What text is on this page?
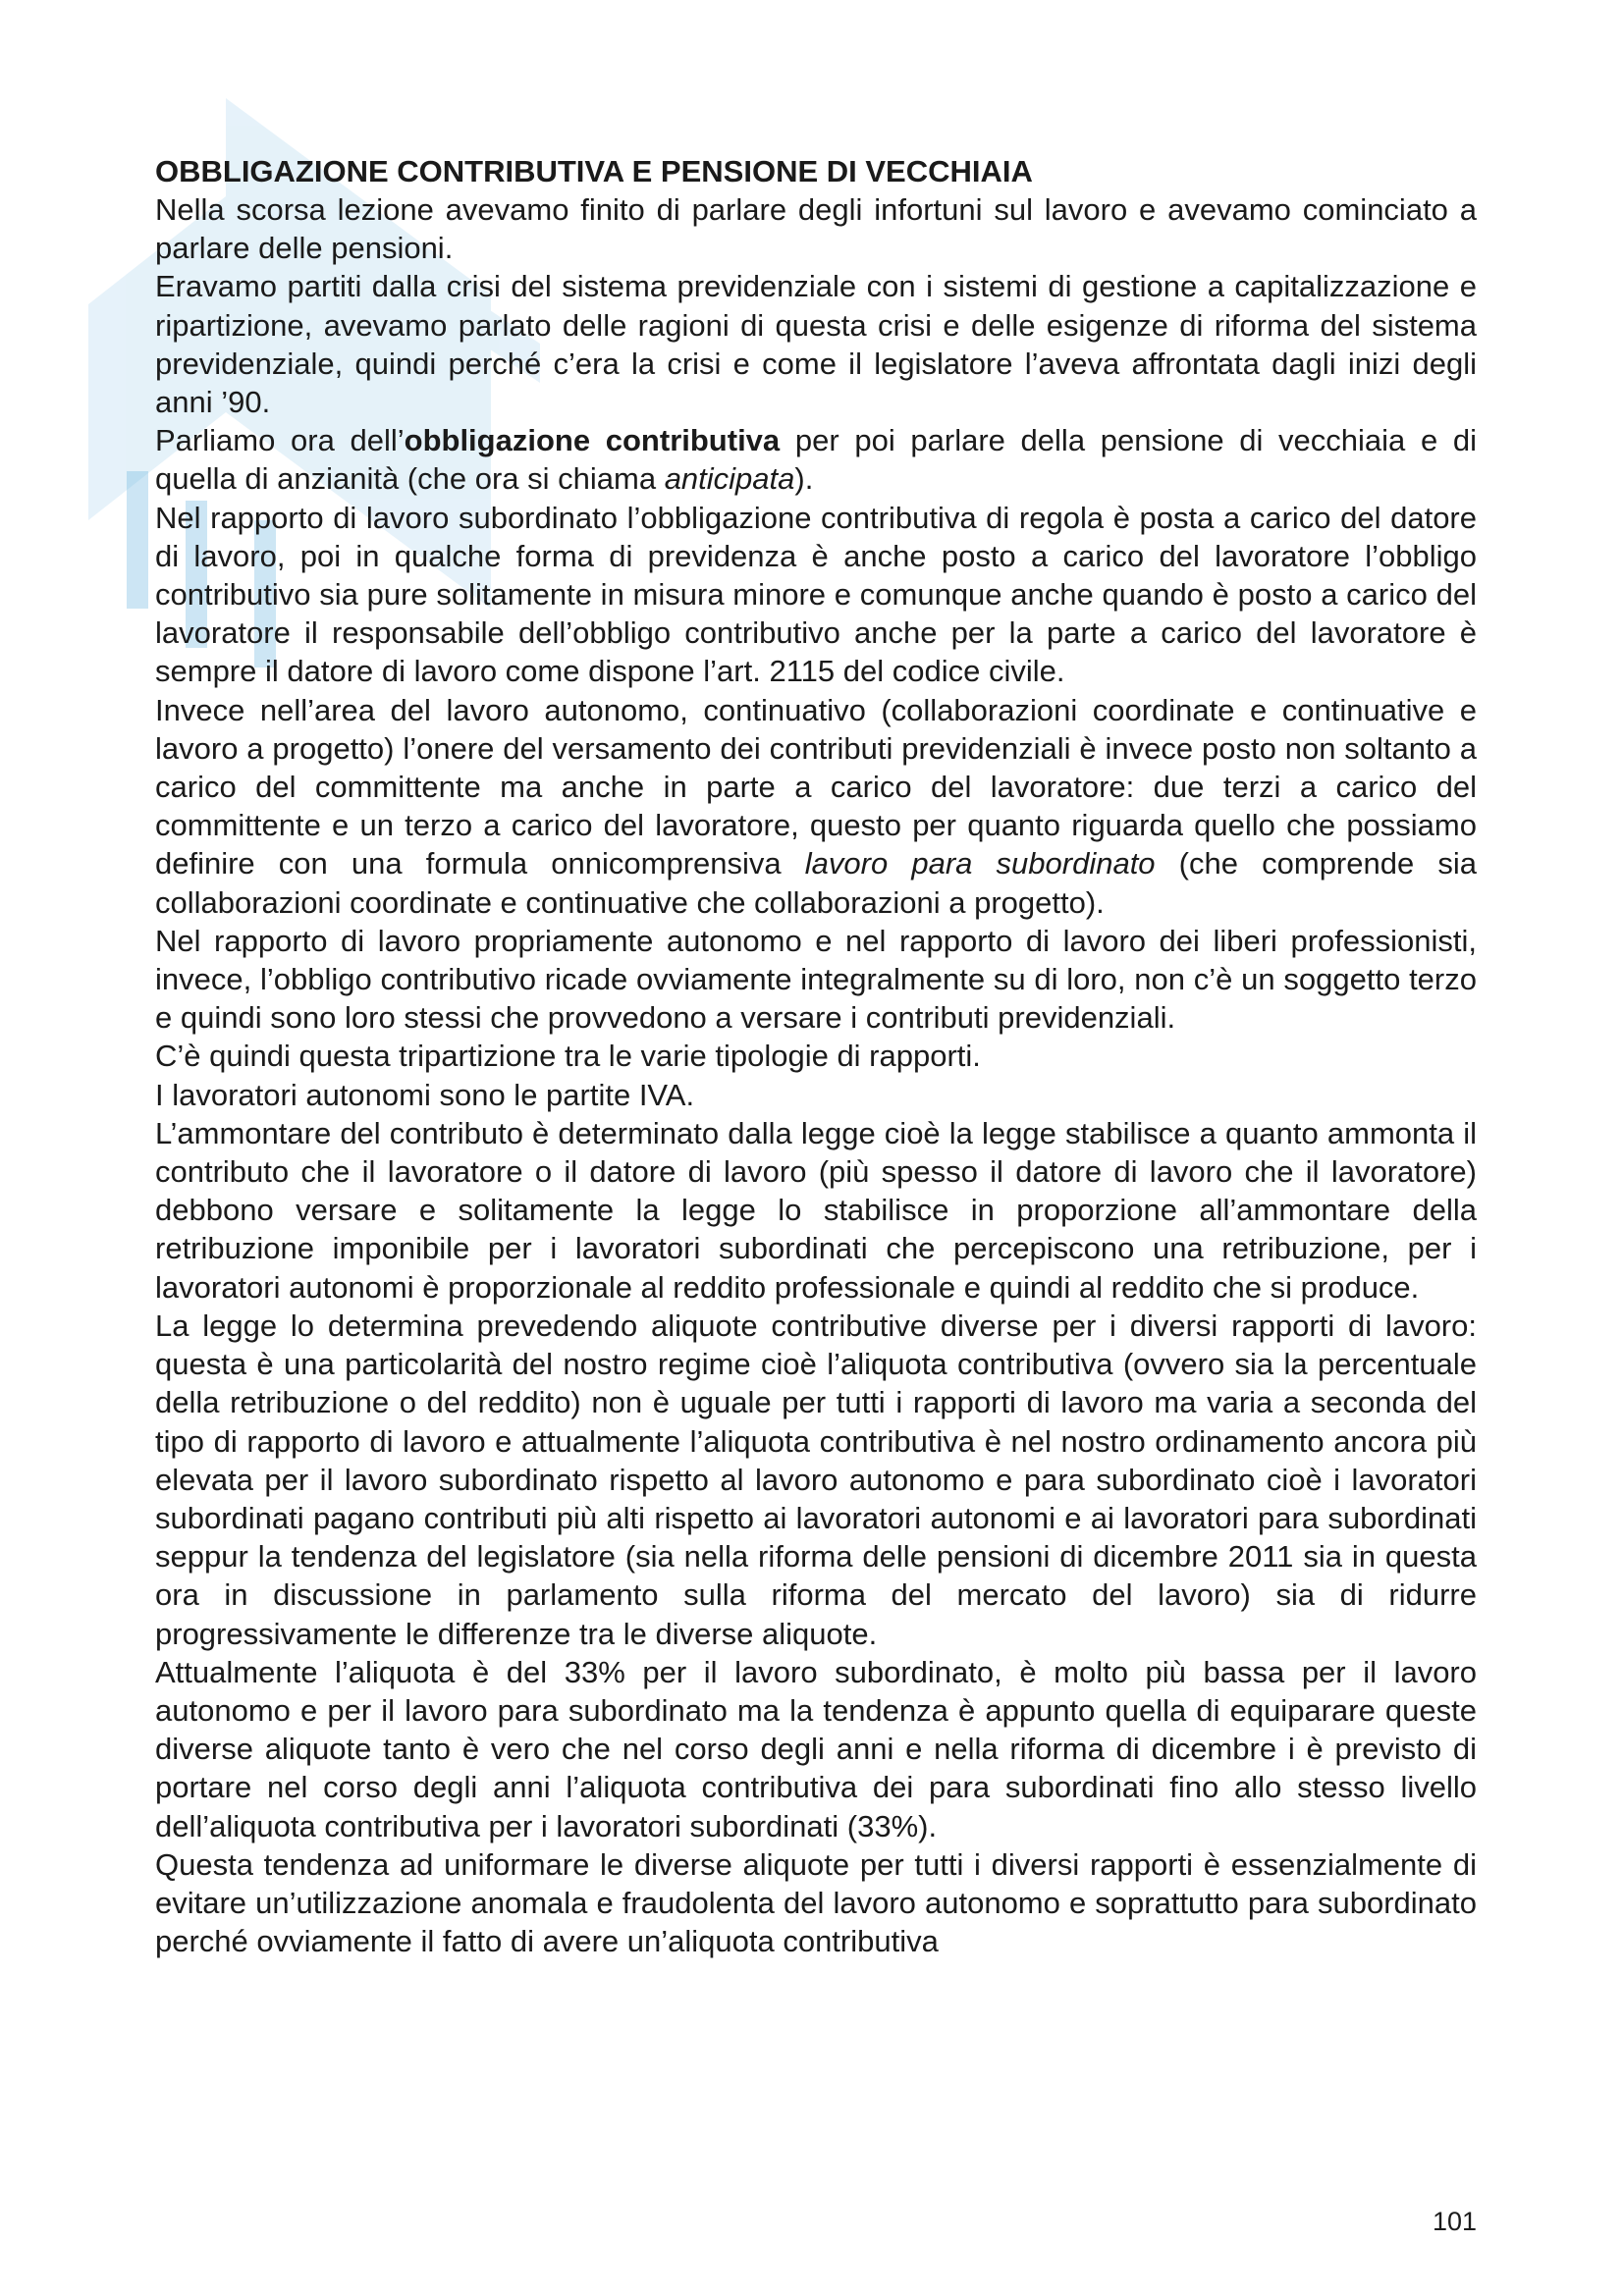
OBBLIGAZIONE CONTRIBUTIVA E PENSIONE DI VECCHIAIA

Nella scorsa lezione avevamo finito di parlare degli infortuni sul lavoro e avevamo cominciato a parlare delle pensioni.

Eravamo partiti dalla crisi del sistema previdenziale con i sistemi di gestione a capitalizzazione e ripartizione, avevamo parlato delle ragioni di questa crisi e delle esigenze di riforma del sistema previdenziale, quindi perché c’era la crisi e come il legislatore l’aveva affrontata dagli inizi degli anni ’90.

Parliamo ora dell’obbligazione contributiva per poi parlare della pensione di vecchiaia e di quella di anzianità (che ora si chiama anticipata).

Nel rapporto di lavoro subordinato l’obbligazione contributiva di regola è posta a carico del datore di lavoro, poi in qualche forma di previdenza è anche posto a carico del lavoratore l’obbligo contributivo sia pure solitamente in misura minore e comunque anche quando è posto a carico del lavoratore il responsabile dell’obbligo contributivo anche per la parte a carico del lavoratore è sempre il datore di lavoro come dispone l’art. 2115 del codice civile.

Invece nell’area del lavoro autonomo, continuativo (collaborazioni coordinate e continuative e lavoro a progetto) l’onere del versamento dei contributi previdenziali è invece posto non soltanto a carico del committente ma anche in parte a carico del lavoratore: due terzi a carico del committente e un terzo a carico del lavoratore, questo per quanto riguarda quello che possiamo definire con una formula onnicomprensiva lavoro para subordinato (che comprende sia collaborazioni coordinate e continuative che collaborazioni a progetto).

Nel rapporto di lavoro propriamente autonomo e nel rapporto di lavoro dei liberi professionisti, invece, l’obbligo contributivo ricade ovviamente integralmente su di loro, non c’è un soggetto terzo e quindi sono loro stessi che provvedono a versare i contributi previdenziali.

C’è quindi questa tripartizione tra le varie tipologie di rapporti.

I lavoratori autonomi sono le partite IVA.

L’ammontare del contributo è determinato dalla legge cioè la legge stabilisce a quanto ammonta il contributo che il lavoratore o il datore di lavoro (più spesso il datore di lavoro che il lavoratore) debbono versare e solitamente la legge lo stabilisce in proporzione all’ammontare della retribuzione imponibile per i lavoratori subordinati che percepiscono una retribuzione, per i lavoratori autonomi è proporzionale al reddito professionale e quindi al reddito che si produce.

La legge lo determina prevedendo aliquote contributive diverse per i diversi rapporti di lavoro: questa è una particolarità del nostro regime cioè l’aliquota contributiva (ovvero sia la percentuale della retribuzione o del reddito) non è uguale per tutti i rapporti di lavoro ma varia a seconda del tipo di rapporto di lavoro e attualmente l’aliquota contributiva è nel nostro ordinamento ancora più elevata per il lavoro subordinato rispetto al lavoro autonomo e para subordinato cioè i lavoratori subordinati pagano contributi più alti rispetto ai lavoratori autonomi e ai lavoratori para subordinati seppur la tendenza del legislatore (sia nella riforma delle pensioni di dicembre 2011 sia in questa ora in discussione in parlamento sulla riforma del mercato del lavoro) sia di ridurre progressivamente le differenze tra le diverse aliquote.

Attualmente l’aliquota è del 33% per il lavoro subordinato, è molto più bassa per il lavoro autonomo e per il lavoro para subordinato ma la tendenza è appunto quella di equiparare queste diverse aliquote tanto è vero che nel corso degli anni e nella riforma di dicembre i è previsto di portare nel corso degli anni l’aliquota contributiva dei para subordinati fino allo stesso livello dell’aliquota contributiva per i lavoratori subordinati (33%).

Questa tendenza ad uniformare le diverse aliquote per tutti i diversi rapporti è essenzialmente di evitare un’utilizzazione anomala e fraudolenta del lavoro autonomo e soprattutto para subordinato perché ovviamente il fatto di avere un’aliquota contributiva

101
